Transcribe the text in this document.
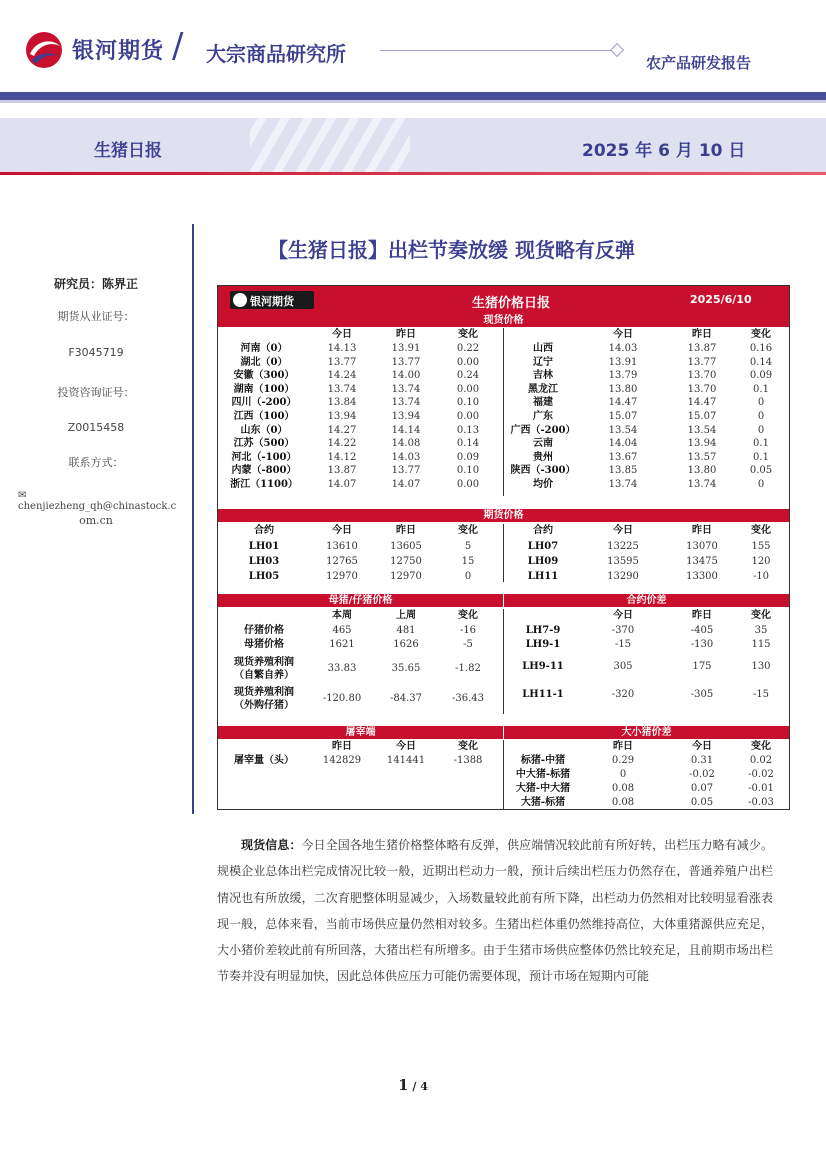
银河期货 / 大宗商品研究所	农产品研发报告
生猪日报	2025 年 6 月 10 日
研究员：陈界正
期货从业证号：
F3045719
投资咨询证号：
Z0015458
联系方式：
✉chenjiezheng_qh@chinastock.c
om.cn
【生猪日报】出栏节奏放缓 现货略有反弹
银河期货	生猪价格日报	2025/6/10
现货价格
今日	今日
昨日	昨日
变化	变化
河南（0）	14.13	13.91	0.22
湖北（0）	13.77	13.77	0.00
安徽（300）	14.24	14.00	0.24
湖南（100）	13.74	13.74	0.00
四川（-200）	13.84	13.74	0.10
江西（100）	13.94	13.94	0.00
山东（0）	14.27	14.14	0.13
江苏（500）	14.22	14.08	0.14
河北（-100）	14.12	14.03	0.09
内蒙（-800）	13.87	13.77	0.10
浙江（1100）	14.07	14.07	0.00
山西	14.03	13.87	0.16
辽宁	13.91	13.77	0.14
吉林	13.79	13.70	0.09
黑龙江	13.80	13.70	0.1
福建	14.47	14.47	0
广东	15.07	15.07	0
广西（-200）	13.54	13.54	0
云南	14.04	13.94	0.1
贵州	13.67	13.57	0.1
陕西（-300）	13.85	13.80	0.05
均价	13.74	13.74	0
期货价格
合约	合约
今日	今日
昨日	昨日
变化	变化
LH01	13610	13605	5
LH03	12765	12750	15
LH05	12970	12970	0
LH07	13225	13070	155
LH09	13595	13475	120
LH11	13290	13300	-10
母猪/仔猪价格	合约价差
本周	上周	变化	今日	昨日	变化
仔猪价格	465	481	-16
母猪价格	1621	1626	-5
现货养殖利润
（自繁自养）
33.83	35.65	-1.82
现货养殖利润
（外购仔猪）
-120.80	-84.37	-36.43
LH7-9	-370	-405	35
LH9-1	-15	-130	115
LH9-11	305	175	130
LH11-1	-320	-305	-15
屠宰端	大小猪价差
昨日	今日	变化	昨日	今日	变化
屠宰量（头）	142829	141441	-1388	标猪-中猪	0.29	0.31	0.02
中大猪-标猪	0	-0.02	-0.02
大猪-中大猪	0.08	0.07	-0.01
大猪-标猪	0.08	0.05	-0.03
现货信息：今日全国各地生猪价格整体略有反弹，供应端情况较此前有所好转，出栏压力略有减少。规模企业总体出栏完成情况比较一般，近期出栏动力一般，预计后续出栏压力仍然存在，普通养殖户出栏情况也有所放缓，二次育肥整体明显减少，入场数量较此前有所下降，出栏动力仍然相对比较明显看涨表现一般，总体来看，当前市场供应量仍然相对较多。生猪出栏体重仍然维持高位，大体重猪源供应充足，大小猪价差较此前有所回落，大猪出栏有所增多。由于生猪市场供应整体仍然比较充足，且前期市场出栏节奏并没有明显加快，因此总体供应压力可能仍需要体现，预计市场在短期内可能
1 / 4
